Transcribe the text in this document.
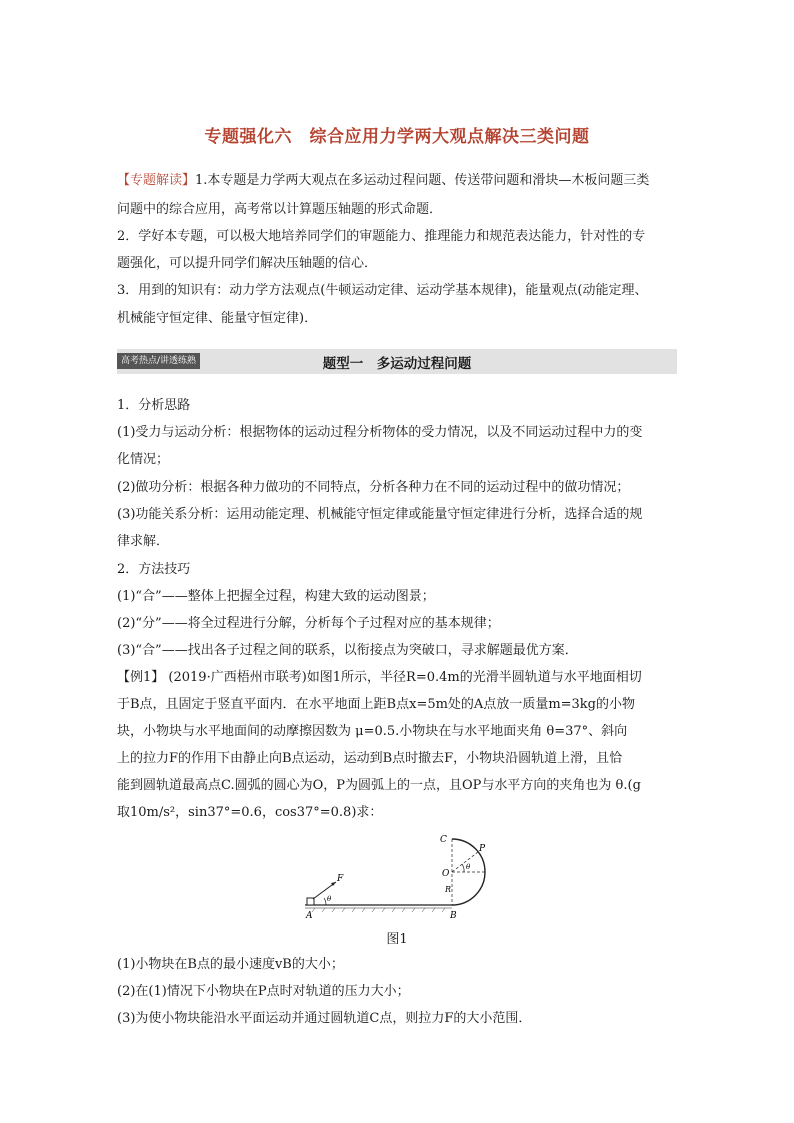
专题强化六　综合应用力学两大观点解决三类问题
【专题解读】1.本专题是力学两大观点在多运动过程问题、传送带问题和滑块—木板问题三类
问题中的综合应用，高考常以计算题压轴题的形式命题．
2．学好本专题，可以极大地培养同学们的审题能力、推理能力和规范表达能力，针对性的专
题强化，可以提升同学们解决压轴题的信心．
3．用到的知识有：动力学方法观点(牛顿运动定律、运动学基本规律)，能量观点(动能定理、
机械能守恒定律、能量守恒定律)．
高考热点/讲透练熟	题型一　多运动过程问题
1．分析思路
(1)受力与运动分析：根据物体的运动过程分析物体的受力情况，以及不同运动过程中力的变
化情况；
(2)做功分析：根据各种力做功的不同特点，分析各种力在不同的运动过程中的做功情况；
(3)功能关系分析：运用动能定理、机械能守恒定律或能量守恒定律进行分析，选择合适的规
律求解．
2．方法技巧
(1)“合”——整体上把握全过程，构建大致的运动图景；
(2)“分”——将全过程进行分解，分析每个子过程对应的基本规律；
(3)“合”——找出各子过程之间的联系，以衔接点为突破口，寻求解题最优方案．
【例1】 (2019·广西梧州市联考)如图1所示，半径R=0.4m的光滑半圆轨道与水平地面相切
于B点，且固定于竖直平面内．在水平地面上距B点x=5m处的A点放一质量m=3kg的小物
块，小物块与水平地面间的动摩擦因数为 μ=0.5.小物块在与水平地面夹角 θ=37°、斜向
上的拉力F的作用下由静止向B点运动，运动到B点时撤去F，小物块沿圆轨道上滑，且恰
能到圆轨道最高点C.圆弧的圆心为O，P为圆弧上的一点，且OP与水平方向的夹角也为 θ.(g
取10m/s²，sin37°=0.6，cos37°=0.8)求：
C
P
O
R
θ
F
θ
A	B
图1
(1)小物块在B点的最小速度vB的大小；
(2)在(1)情况下小物块在P点时对轨道的压力大小；
(3)为使小物块能沿水平面运动并通过圆轨道C点，则拉力F的大小范围．
